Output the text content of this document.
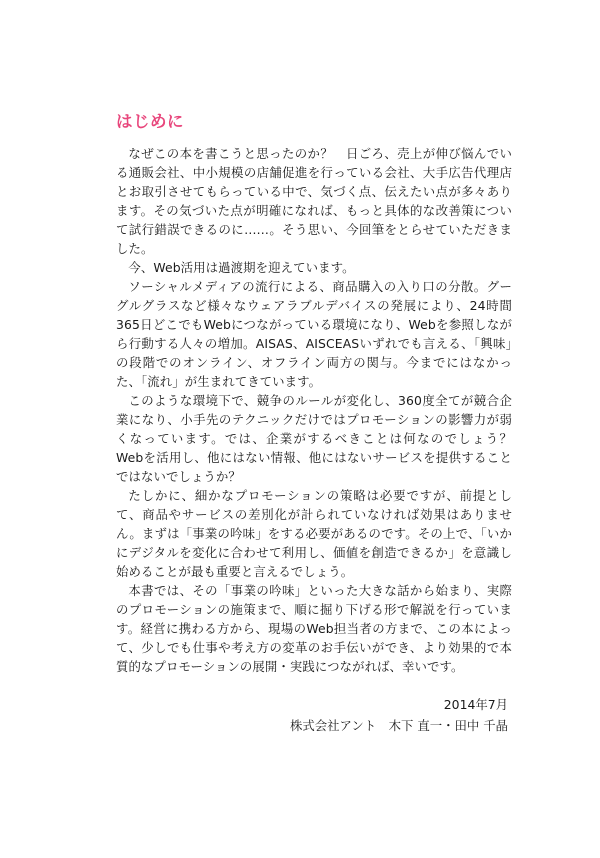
はじめに

なぜこの本を書こうと思ったのか？　日ごろ、売上が伸び悩んでいる通販会社、中小規模の店舗促進を行っている会社、大手広告代理店とお取引させてもらっている中で、気づく点、伝えたい点が多々あります。その気づいた点が明確になれば、もっと具体的な改善策について試行錯誤できるのに……。そう思い、今回筆をとらせていただきました。

今、Web活用は過渡期を迎えています。

ソーシャルメディアの流行による、商品購入の入り口の分散。グーグルグラスなど様々なウェアラブルデバイスの発展により、24時間365日どこでもWebにつながっている環境になり、Webを参照しながら行動する人々の増加。AISAS、AISCEASいずれでも言える、「興味」の段階でのオンライン、オフライン両方の関与。今までにはなかった、「流れ」が生まれてきています。

このような環境下で、競争のルールが変化し、360度全てが競合企業になり、小手先のテクニックだけではプロモーションの影響力が弱くなっています。では、企業がするべきことは何なのでしょう？　Webを活用し、他にはない情報、他にはないサービスを提供することではないでしょうか？

たしかに、細かなプロモーションの策略は必要ですが、前提として、商品やサービスの差別化が計られていなければ効果はありません。まずは「事業の吟味」をする必要があるのです。その上で、「いかにデジタルを変化に合わせて利用し、価値を創造できるか」を意識し始めることが最も重要と言えるでしょう。

本書では、その「事業の吟味」といった大きな話から始まり、実際のプロモーションの施策まで、順に掘り下げる形で解説を行っています。経営に携わる方から、現場のWeb担当者の方まで、この本によって、少しでも仕事や考え方の変革のお手伝いができ、より効果的で本質的なプロモーションの展開・実践につながれば、幸いです。

2014年7月
株式会社アント　木下 直一・田中 千晶
